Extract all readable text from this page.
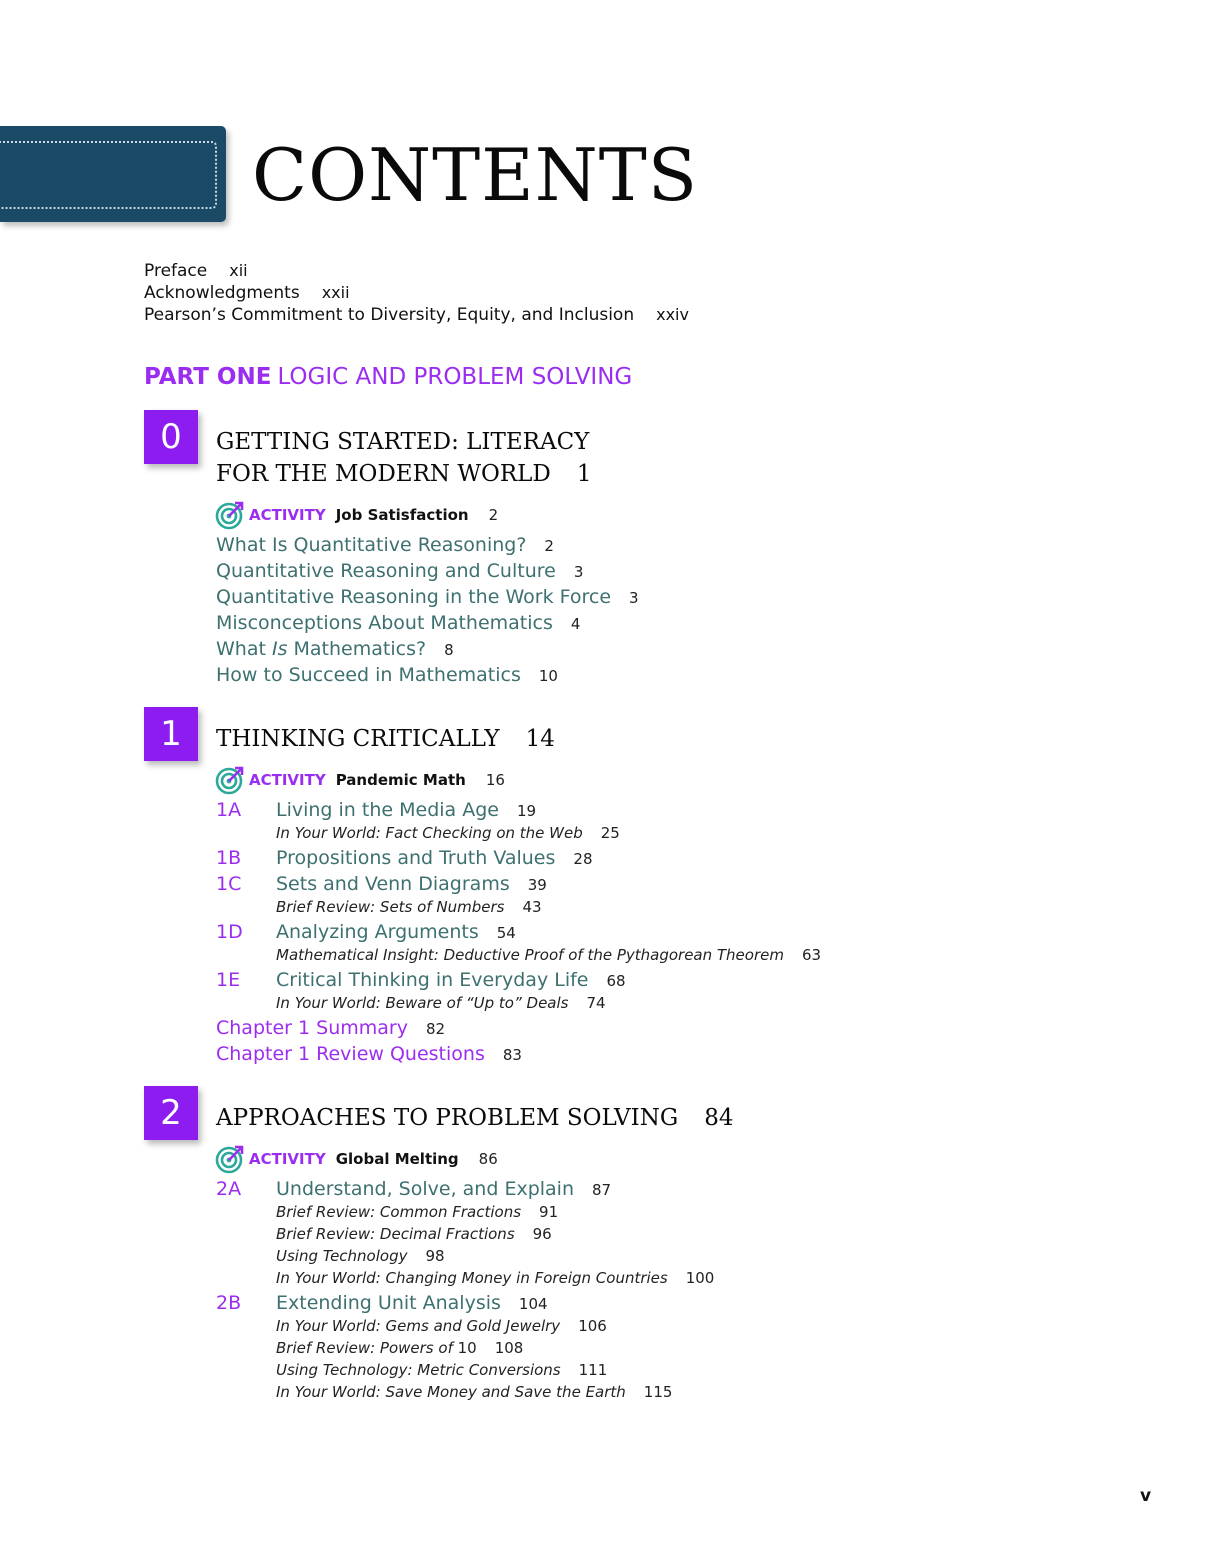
CONTENTS
Preface xii
Acknowledgments xxii
Pearson’s Commitment to Diversity, Equity, and Inclusion xxiv
PART ONE LOGIC AND PROBLEM SOLVING
0	GETTING STARTED: LITERACY
FOR THE MODERN WORLD 1
ACTIVITY Job Satisfaction 2
What Is Quantitative Reasoning? 2
Quantitative Reasoning and Culture 3
Quantitative Reasoning in the Work Force 3
Misconceptions About Mathematics 4
What Is Mathematics? 8
How to Succeed in Mathematics 10
1	THINKING CRITICALLY 14
ACTIVITY Pandemic Math 16
1A Living in the Media Age 19
In Your World: Fact Checking on the Web 25
1B Propositions and Truth Values 28
1C Sets and Venn Diagrams 39
Brief Review: Sets of Numbers 43
1D Analyzing Arguments 54
Mathematical Insight: Deductive Proof of the Pythagorean Theorem 63
1E Critical Thinking in Everyday Life 68
In Your World: Beware of “Up to” Deals 74
Chapter 1 Summary 82
Chapter 1 Review Questions 83
2	APPROACHES TO PROBLEM SOLVING 84
ACTIVITY Global Melting 86
2A Understand, Solve, and Explain 87
Brief Review: Common Fractions 91
Brief Review: Decimal Fractions 96
Using Technology 98
In Your World: Changing Money in Foreign Countries 100
2B Extending Unit Analysis 104
In Your World: Gems and Gold Jewelry 106
Brief Review: Powers of 10 108
Using Technology: Metric Conversions 111
In Your World: Save Money and Save the Earth 115
v
